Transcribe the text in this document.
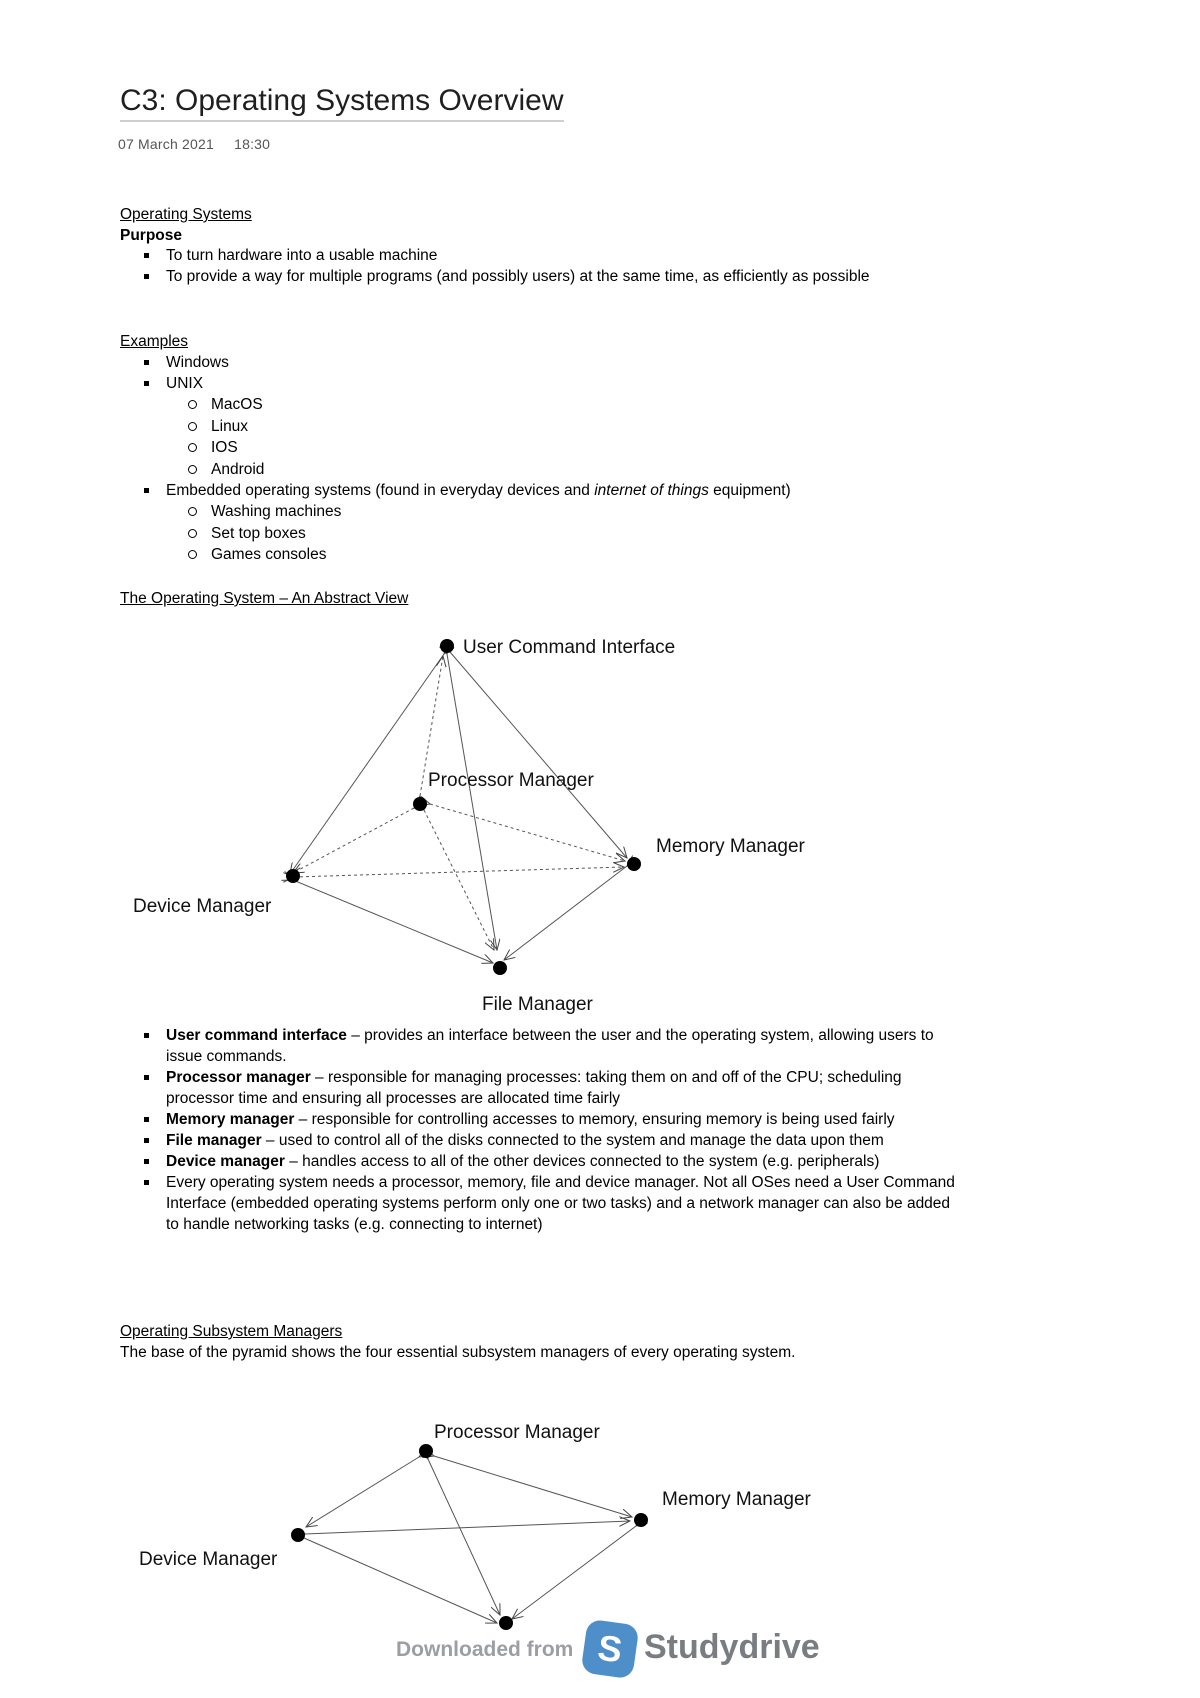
C3: Operating Systems Overview
07 March 2021 18:30
Operating Systems
Purpose
To turn hardware into a usable machine
To provide a way for multiple programs (and possibly users) at the same time, as efficiently as possible
Examples
Windows
UNIX
MacOS
Linux
IOS
Android
Embedded operating systems (found in everyday devices and internet of things equipment)
Washing machines
Set top boxes
Games consoles
The Operating System – An Abstract View
User Command Interface
Processor Manager
Memory Manager
Device Manager
File Manager
User command interface – provides an interface between the user and the operating system, allowing users to issue commands.
Processor manager – responsible for managing processes: taking them on and off of the CPU; scheduling processor time and ensuring all processes are allocated time fairly
Memory manager – responsible for controlling accesses to memory, ensuring memory is being used fairly
File manager – used to control all of the disks connected to the system and manage the data upon them
Device manager – handles access to all of the other devices connected to the system (e.g. peripherals)
Every operating system needs a processor, memory, file and device manager. Not all OSes need a User Command Interface (embedded operating systems perform only one or two tasks) and a network manager can also be added to handle networking tasks (e.g. connecting to internet)
Operating Subsystem Managers
The base of the pyramid shows the four essential subsystem managers of every operating system.
Processor Manager
Memory Manager
Device Manager
Downloaded from S Studydrive
